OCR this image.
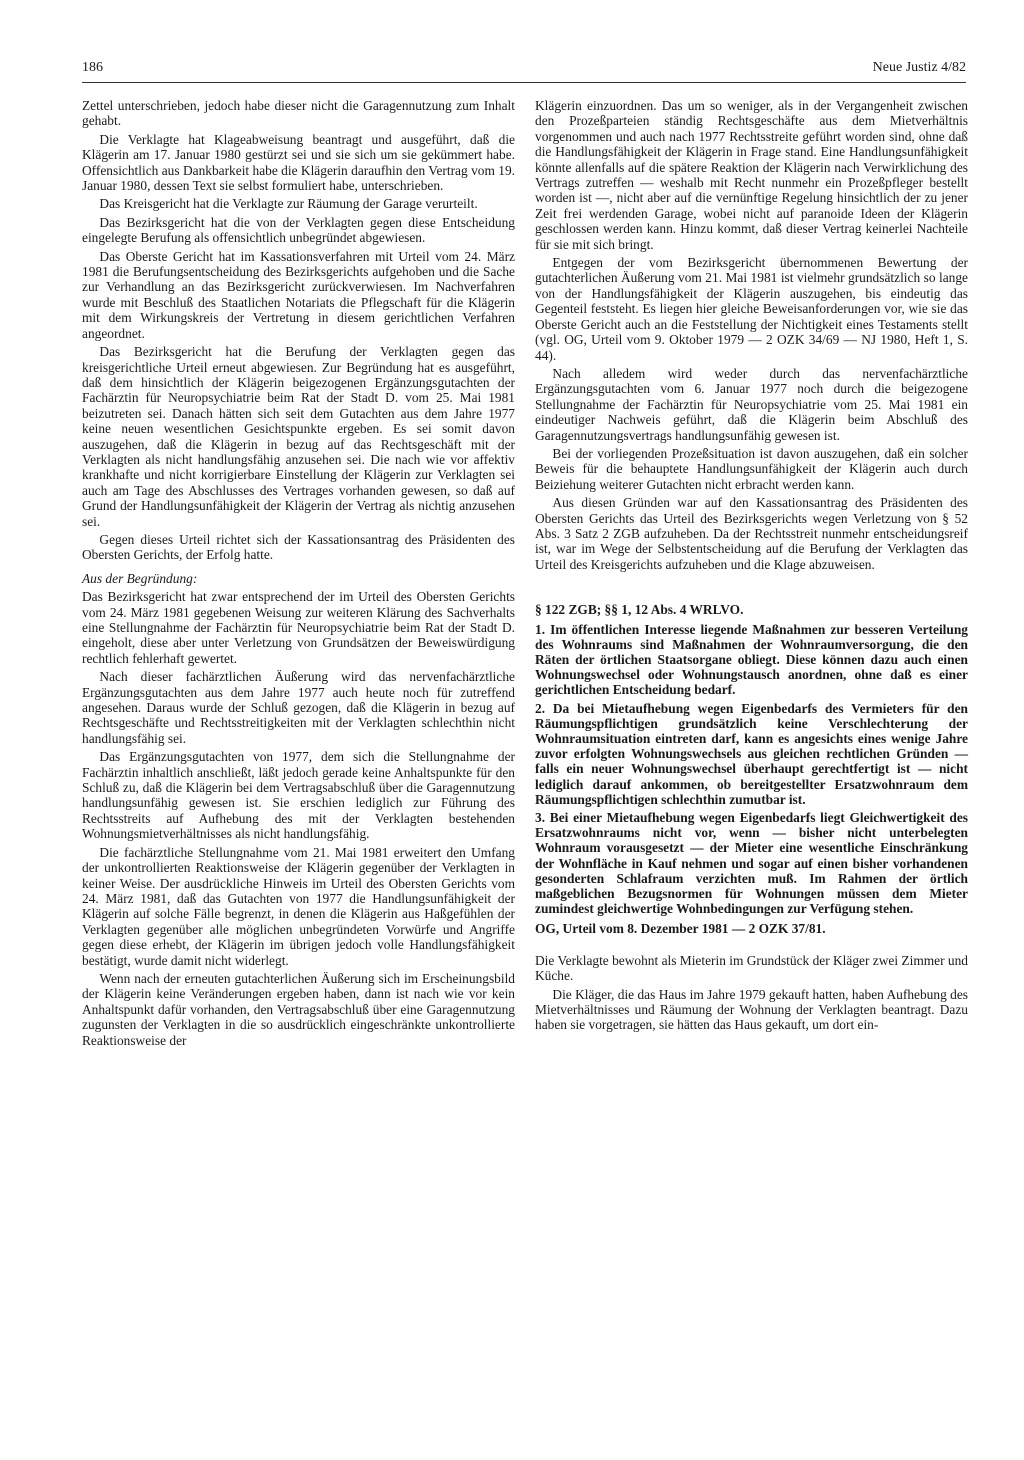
186	Neue Justiz 4/82

Zettel unterschrieben, jedoch habe dieser nicht die Garagennutzung zum Inhalt gehabt.

Die Verklagte hat Klageabweisung beantragt und ausgeführt, daß die Klägerin am 17. Januar 1980 gestürzt sei und sie sich um sie gekümmert habe. Offensichtlich aus Dankbarkeit habe die Klägerin daraufhin den Vertrag vom 19. Januar 1980, dessen Text sie selbst formuliert habe, unterschrieben.

Das Kreisgericht hat die Verklagte zur Räumung der Garage verurteilt.

Das Bezirksgericht hat die von der Verklagten gegen diese Entscheidung eingelegte Berufung als offensichtlich unbegründet abgewiesen.

Das Oberste Gericht hat im Kassationsverfahren mit Urteil vom 24. März 1981 die Berufungsentscheidung des Bezirksgerichts aufgehoben und die Sache zur Verhandlung an das Bezirksgericht zurückverwiesen. Im Nachverfahren wurde mit Beschluß des Staatlichen Notariats die Pflegschaft für die Klägerin mit dem Wirkungskreis der Vertretung in diesem gerichtlichen Verfahren angeordnet.

Das Bezirksgericht hat die Berufung der Verklagten gegen das kreisgerichtliche Urteil erneut abgewiesen. Zur Begründung hat es ausgeführt, daß dem hinsichtlich der Klägerin beigezogenen Ergänzungsgutachten der Fachärztin für Neuropsychiatrie beim Rat der Stadt D. vom 25. Mai 1981 beizutreten sei. Danach hätten sich seit dem Gutachten aus dem Jahre 1977 keine neuen wesentlichen Gesichtspunkte ergeben. Es sei somit davon auszugehen, daß die Klägerin in bezug auf das Rechtsgeschäft mit der Verklagten als nicht handlungsfähig anzusehen sei. Die nach wie vor affektiv krankhafte und nicht korrigierbare Einstellung der Klägerin zur Verklagten sei auch am Tage des Abschlusses des Vertrages vorhanden gewesen, so daß auf Grund der Handlungsunfähigkeit der Klägerin der Vertrag als nichtig anzusehen sei.

Gegen dieses Urteil richtet sich der Kassationsantrag des Präsidenten des Obersten Gerichts, der Erfolg hatte.

Aus der Begründung:

Das Bezirksgericht hat zwar entsprechend der im Urteil des Obersten Gerichts vom 24. März 1981 gegebenen Weisung zur weiteren Klärung des Sachverhalts eine Stellungnahme der Fachärztin für Neuropsychiatrie beim Rat der Stadt D. eingeholt, diese aber unter Verletzung von Grundsätzen der Beweiswürdigung rechtlich fehlerhaft gewertet.

Nach dieser fachärztlichen Äußerung wird das nervenfachärztliche Ergänzungsgutachten aus dem Jahre 1977 auch heute noch für zutreffend angesehen. Daraus wurde der Schluß gezogen, daß die Klägerin in bezug auf Rechtsgeschäfte und Rechtsstreitigkeiten mit der Verklagten schlechthin nicht handlungsfähig sei.

Das Ergänzungsgutachten von 1977, dem sich die Stellungnahme der Fachärztin inhaltlich anschließt, läßt jedoch gerade keine Anhaltspunkte für den Schluß zu, daß die Klägerin bei dem Vertragsabschluß über die Garagennutzung handlungsunfähig gewesen ist. Sie erschien lediglich zur Führung des Rechtsstreits auf Aufhebung des mit der Verklagten bestehenden Wohnungsmietverhältnisses als nicht handlungsfähig.

Die fachärztliche Stellungnahme vom 21. Mai 1981 erweitert den Umfang der unkontrollierten Reaktionsweise der Klägerin gegenüber der Verklagten in keiner Weise. Der ausdrückliche Hinweis im Urteil des Obersten Gerichts vom 24. März 1981, daß das Gutachten von 1977 die Handlungsunfähigkeit der Klägerin auf solche Fälle begrenzt, in denen die Klägerin aus Haßgefühlen der Verklagten gegenüber alle möglichen unbegründeten Vorwürfe und Angriffe gegen diese erhebt, der Klägerin im übrigen jedoch volle Handlungsfähigkeit bestätigt, wurde damit nicht widerlegt.

Wenn nach der erneuten gutachterlichen Äußerung sich im Erscheinungsbild der Klägerin keine Veränderungen ergeben haben, dann ist nach wie vor kein Anhaltspunkt dafür vorhanden, den Vertragsabschluß über eine Garagennutzung zugunsten der Verklagten in die so ausdrücklich eingeschränkte unkontrollierte Reaktionsweise der

Klägerin einzuordnen. Das um so weniger, als in der Vergangenheit zwischen den Prozeßparteien ständig Rechtsgeschäfte aus dem Mietverhältnis vorgenommen und auch nach 1977 Rechtsstreite geführt worden sind, ohne daß die Handlungsfähigkeit der Klägerin in Frage stand. Eine Handlungsunfähigkeit könnte allenfalls auf die spätere Reaktion der Klägerin nach Verwirklichung des Vertrags zutreffen — weshalb mit Recht nunmehr ein Prozeßpfleger bestellt worden ist —, nicht aber auf die vernünftige Regelung hinsichtlich der zu jener Zeit frei werdenden Garage, wobei nicht auf paranoide Ideen der Klägerin geschlossen werden kann. Hinzu kommt, daß dieser Vertrag keinerlei Nachteile für sie mit sich bringt.

Entgegen der vom Bezirksgericht übernommenen Bewertung der gutachterlichen Äußerung vom 21. Mai 1981 ist vielmehr grundsätzlich so lange von der Handlungsfähigkeit der Klägerin auszugehen, bis eindeutig das Gegenteil feststeht. Es liegen hier gleiche Beweisanforderungen vor, wie sie das Oberste Gericht auch an die Feststellung der Nichtigkeit eines Testaments stellt (vgl. OG, Urteil vom 9. Oktober 1979 — 2 OZK 34/69 — NJ 1980, Heft 1, S. 44).

Nach alledem wird weder durch das nervenfachärztliche Ergänzungsgutachten vom 6. Januar 1977 noch durch die beigezogene Stellungnahme der Fachärztin für Neuropsychiatrie vom 25. Mai 1981 ein eindeutiger Nachweis geführt, daß die Klägerin beim Abschluß des Garagennutzungsvertrags handlungsunfähig gewesen ist.

Bei der vorliegenden Prozeßsituation ist davon auszugehen, daß ein solcher Beweis für die behauptete Handlungsunfähigkeit der Klägerin auch durch Beiziehung weiterer Gutachten nicht erbracht werden kann.

Aus diesen Gründen war auf den Kassationsantrag des Präsidenten des Obersten Gerichts das Urteil des Bezirksgerichts wegen Verletzung von § 52 Abs. 3 Satz 2 ZGB aufzuheben. Da der Rechtsstreit nunmehr entscheidungsreif ist, war im Wege der Selbstentscheidung auf die Berufung der Verklagten das Urteil des Kreisgerichts aufzuheben und die Klage abzuweisen.

§ 122 ZGB; §§ 1, 12 Abs. 4 WRLVO.

1. Im öffentlichen Interesse liegende Maßnahmen zur besseren Verteilung des Wohnraums sind Maßnahmen der Wohnraumversorgung, die den Räten der örtlichen Staatsorgane obliegt. Diese können dazu auch einen Wohnungswechsel oder Wohnungstausch anordnen, ohne daß es einer gerichtlichen Entscheidung bedarf.

2. Da bei Mietaufhebung wegen Eigenbedarfs des Vermieters für den Räumungspflichtigen grundsätzlich keine Verschlechterung der Wohnraumsituation eintreten darf, kann es angesichts eines wenige Jahre zuvor erfolgten Wohnungswechsels aus gleichen rechtlichen Gründen — falls ein neuer Wohnungswechsel überhaupt gerechtfertigt ist — nicht lediglich darauf ankommen, ob bereitgestellter Ersatzwohnraum dem Räumungspflichtigen schlechthin zumutbar ist.

3. Bei einer Mietaufhebung wegen Eigenbedarfs liegt Gleichwertigkeit des Ersatzwohnraums nicht vor, wenn — bisher nicht unterbelegten Wohnraum vorausgesetzt — der Mieter eine wesentliche Einschränkung der Wohnfläche in Kauf nehmen und sogar auf einen bisher vorhandenen gesonderten Schlafraum verzichten muß. Im Rahmen der örtlich maßgeblichen Bezugsnormen für Wohnungen müssen dem Mieter zumindest gleichwertige Wohnbedingungen zur Verfügung stehen.

OG, Urteil vom 8. Dezember 1981 — 2 OZK 37/81.

Die Verklagte bewohnt als Mieterin im Grundstück der Kläger zwei Zimmer und Küche.

Die Kläger, die das Haus im Jahre 1979 gekauft hatten, haben Aufhebung des Mietverhältnisses und Räumung der Wohnung der Verklagten beantragt. Dazu haben sie vorgetragen, sie hätten das Haus gekauft, um dort ein-
